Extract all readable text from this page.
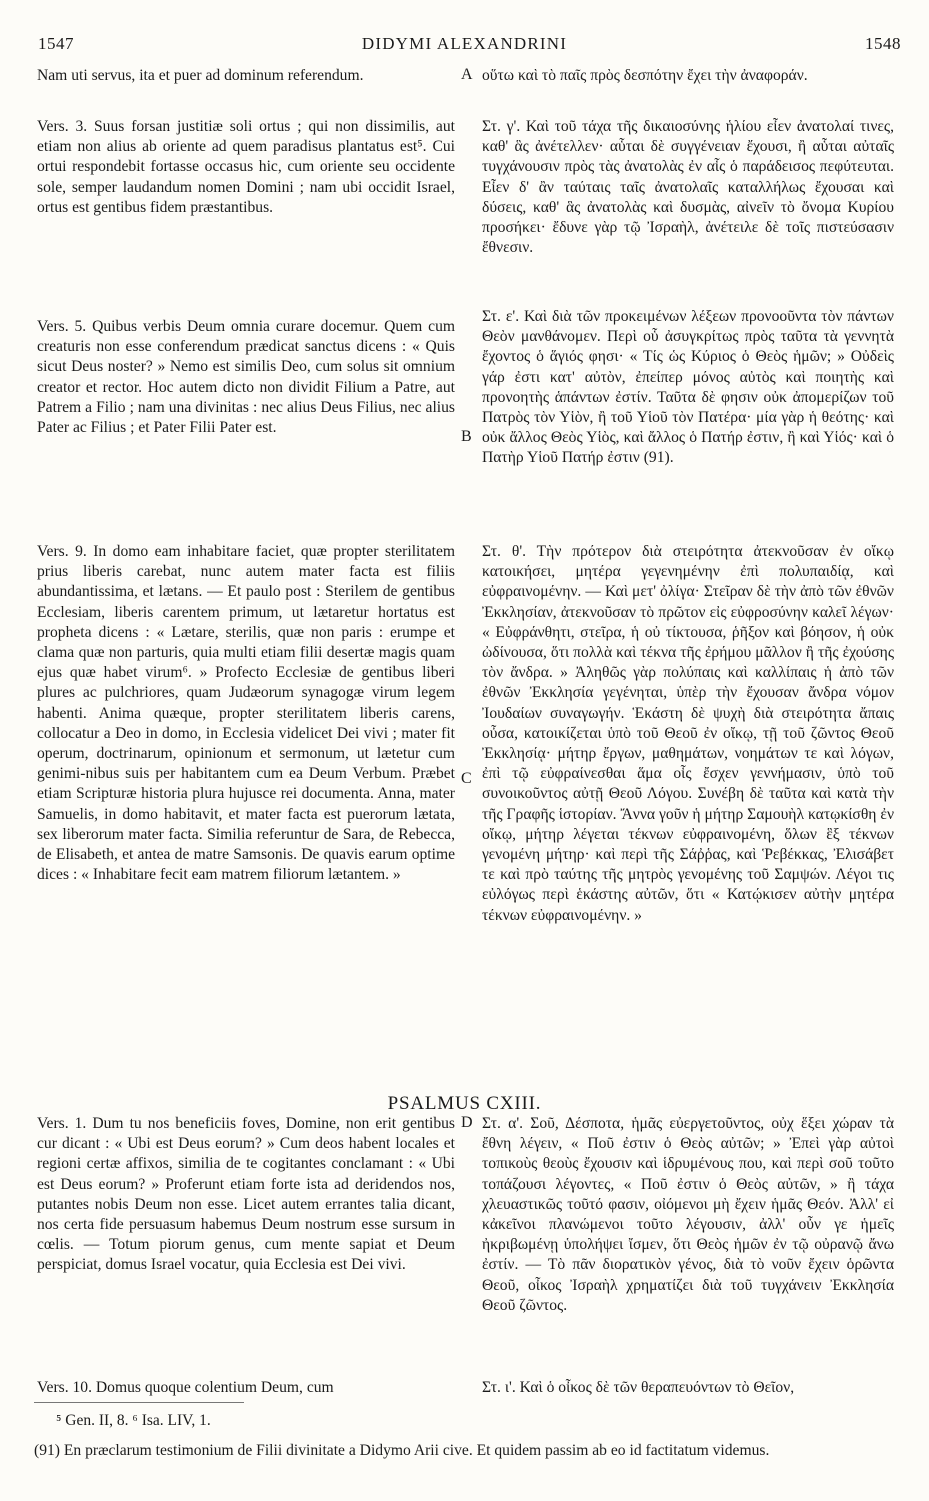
1547	DIDYMI ALEXANDRINI	1548

Nam uti servus, ita et puer ad dominum referendum.

Vers. 3. Suus forsan justitiæ soli ortus ; qui non dissimilis, aut etiam non alius ab oriente ad quem paradisus plantatus est⁵. Cui ortui respondebit fortasse occasus hic, cum oriente seu occidente sole, semper laudandum nomen Domini ; nam ubi occidit Israel, ortus est gentibus fidem præstantibus.

Vers. 5. Quibus verbis Deum omnia curare docemur. Quem cum creaturis non esse conferendum prædicat sanctus dicens : « Quis sicut Deus noster? » Nemo est similis Deo, cum solus sit omnium creator et rector. Hoc autem dicto non dividit Filium a Patre, aut Patrem a Filio ; nam una divinitas : nec alius Deus Filius, nec alius Pater ac Filius ; et Pater Filii Pater est.

Vers. 9. In domo eam inhabitare faciet, quæ propter sterilitatem prius liberis carebat, nunc autem mater facta est filiis abundantissima, et lætans. — Et paulo post : Sterilem de gentibus Ecclesiam, liberis carentem primum, ut lætaretur hortatus est propheta dicens : « Lætare, sterilis, quæ non paris : erumpe et clama quæ non parturis, quia multi etiam filii desertæ magis quam ejus quæ habet virum⁶. » Profecto Ecclesiæ de gentibus liberi plures ac pulchriores, quam Judæorum synagogæ virum legem habenti. Anima quæque, propter sterilitatem liberis carens, collocatur a Deo in domo, in Ecclesia videlicet Dei vivi ; mater fit operum, doctrinarum, opinionum et sermonum, ut lætetur cum genimi-nibus suis per habitantem cum ea Deum Verbum. Præbet etiam Scripturæ historia plura hujusce rei documenta. Anna, mater Samuelis, in domo habitavit, et mater facta est puerorum lætata, sex liberorum mater facta. Similia referuntur de Sara, de Rebecca, de Elisabeth, et antea de matre Samsonis. De quavis earum optime dices : « Inhabitare fecit eam matrem filiorum lætantem. »

Vers. 1. Dum tu nos beneficiis foves, Domine, non erit gentibus cur dicant : « Ubi est Deus eorum? » Cum deos habent locales et regioni certæ affixos, similia de te cogitantes conclamant : « Ubi est Deus eorum? » Proferunt etiam forte ista ad deridendos nos, putantes nobis Deum non esse. Licet autem errantes talia dicant, nos certa fide persuasum habemus Deum nostrum esse sursum in cœlis. — Totum piorum genus, cum mente sapiat et Deum perspiciat, domus Israel vocatur, quia Ecclesia est Dei vivi.

Vers. 10. Domus quoque colentium Deum, cum

A
B
C
D

οὕτω καὶ τὸ παῖς πρὸς δεσπότην ἔχει τὴν ἀναφοράν.

Στ. γ'. Καὶ τοῦ τάχα τῆς δικαιοσύνης ἡλίου εἶεν ἀνατολαί τινες, καθ' ἃς ἀνέτελλεν· αὗται δὲ συγγένειαν ἔχουσι, ἢ αὗται αὐταῖς τυγχάνουσιν πρὸς τὰς ἀνατολὰς ἐν αἷς ὁ παράδεισος πεφύτευται. Εἶεν δ' ἂν ταύταις ταῖς ἀνατολαῖς καταλλήλως ἔχουσαι καὶ δύσεις, καθ' ἃς ἀνατολὰς καὶ δυσμὰς, αἰνεῖν τὸ ὄνομα Κυρίου προσήκει· ἔδυνε γὰρ τῷ Ἰσραὴλ, ἀνέτειλε δὲ τοῖς πιστεύσασιν ἔθνεσιν.

Στ. ε'. Καὶ διὰ τῶν προκειμένων λέξεων προνοοῦντα τὸν πάντων Θεὸν μανθάνομεν. Περὶ οὗ ἀσυγκρίτως πρὸς ταῦτα τὰ γεννητὰ ἔχοντος ὁ ἅγιός φησι· « Τίς ὡς Κύριος ὁ Θεὸς ἡμῶν; » Οὐδεὶς γάρ ἐστι κατ' αὐτὸν, ἐπείπερ μόνος αὐτὸς καὶ ποιητὴς καὶ προνοητὴς ἁπάντων ἐστίν. Ταῦτα δὲ φησιν οὐκ ἀπομερίζων τοῦ Πατρὸς τὸν Υἱὸν, ἢ τοῦ Υἱοῦ τὸν Πατέρα· μία γὰρ ἡ θεότης· καὶ οὐκ ἄλλος Θεὸς Υἱὸς, καὶ ἄλλος ὁ Πατήρ ἐστιν, ἢ καὶ Υἱός· καὶ ὁ Πατὴρ Υἱοῦ Πατήρ ἐστιν (91).

Στ. θ'. Τὴν πρότερον διὰ στειρότητα ἀτεκνοῦσαν ἐν οἴκῳ κατοικήσει, μητέρα γεγενημένην ἐπὶ πολυπαιδίᾳ, καὶ εὐφραινομένην. — Καὶ μετ' ὀλίγα· Στεῖραν δὲ τὴν ἀπὸ τῶν ἐθνῶν Ἐκκλησίαν, ἀτεκνοῦσαν τὸ πρῶτον εἰς εὐφροσύνην καλεῖ λέγων· « Εὐφράνθητι, στεῖρα, ἡ οὐ τίκτουσα, ῥῆξον καὶ βόησον, ἡ οὐκ ὠδίνουσα, ὅτι πολλὰ καὶ τέκνα τῆς ἐρήμου μᾶλλον ἢ τῆς ἐχούσης τὸν ἄνδρα. » Ἀληθῶς γὰρ πολύπαις καὶ καλλίπαις ἡ ἀπὸ τῶν ἐθνῶν Ἐκκλησία γεγένηται, ὑπὲρ τὴν ἔχουσαν ἄνδρα νόμον Ἰουδαίων συναγωγήν. Ἑκάστη δὲ ψυχὴ διὰ στειρότητα ἄπαις οὖσα, κατοικίζεται ὑπὸ τοῦ Θεοῦ ἐν οἴκῳ, τῇ τοῦ ζῶντος Θεοῦ Ἐκκλησίᾳ· μήτηρ ἔργων, μαθημάτων, νοημάτων τε καὶ λόγων, ἐπὶ τῷ εὐφραίνεσθαι ἅμα οἷς ἔσχεν γεννήμασιν, ὑπὸ τοῦ συνοικοῦντος αὐτῇ Θεοῦ Λόγου. Συνέβη δὲ ταῦτα καὶ κατὰ τὴν τῆς Γραφῆς ἱστορίαν. Ἄννα γοῦν ἡ μήτηρ Σαμουὴλ κατῳκίσθη ἐν οἴκῳ, μήτηρ λέγεται τέκνων εὐφραινομένη, ὅλων ἓξ τέκνων γενομένη μήτηρ· καὶ περὶ τῆς Σάῤῥας, καὶ Ῥεβέκκας, Ἐλισάβετ τε καὶ πρὸ ταύτης τῆς μητρὸς γενομένης τοῦ Σαμψών. Λέγοι τις εὐλόγως περὶ ἑκάστης αὐτῶν, ὅτι « Κατῴκισεν αὐτὴν μητέρα τέκνων εὐφραινομένην. »

Στ. α'. Σοῦ, Δέσποτα, ἡμᾶς εὐεργετοῦντος, οὐχ ἕξει χώραν τὰ ἔθνη λέγειν, « Ποῦ ἐστιν ὁ Θεὸς αὐτῶν; » Ἐπεὶ γὰρ αὐτοὶ τοπικοὺς θεοὺς ἔχουσιν καὶ ἱδρυμένους που, καὶ περὶ σοῦ τοῦτο τοπάζουσι λέγοντες, « Ποῦ ἐστιν ὁ Θεὸς αὐτῶν, » ἢ τάχα χλευαστικῶς τοῦτό φασιν, οἰόμενοι μὴ ἔχειν ἡμᾶς Θεόν. Ἀλλ' εἰ κἀκεῖνοι πλανώμενοι τοῦτο λέγουσιν, ἀλλ' οὖν γε ἡμεῖς ἠκριβωμένῃ ὑπολήψει ἴσμεν, ὅτι Θεὸς ἡμῶν ἐν τῷ οὐρανῷ ἄνω ἐστίν. — Τὸ πᾶν διορατικὸν γένος, διὰ τὸ νοῦν ἔχειν ὁρῶντα Θεοῦ, οἶκος Ἰσραὴλ χρηματίζει διὰ τοῦ τυγχάνειν Ἐκκλησία Θεοῦ ζῶντος.

Στ. ι'. Καὶ ὁ οἶκος δὲ τῶν θεραπευόντων τὸ Θεῖον,

PSALMUS CXIII.
⁵ Gen. II, 8. ⁶ Isa. LIV, 1.
(91) En præclarum testimonium de Filii divinitate a Didymo Arii cive. Et quidem passim ab eo id factitatum videmus.
